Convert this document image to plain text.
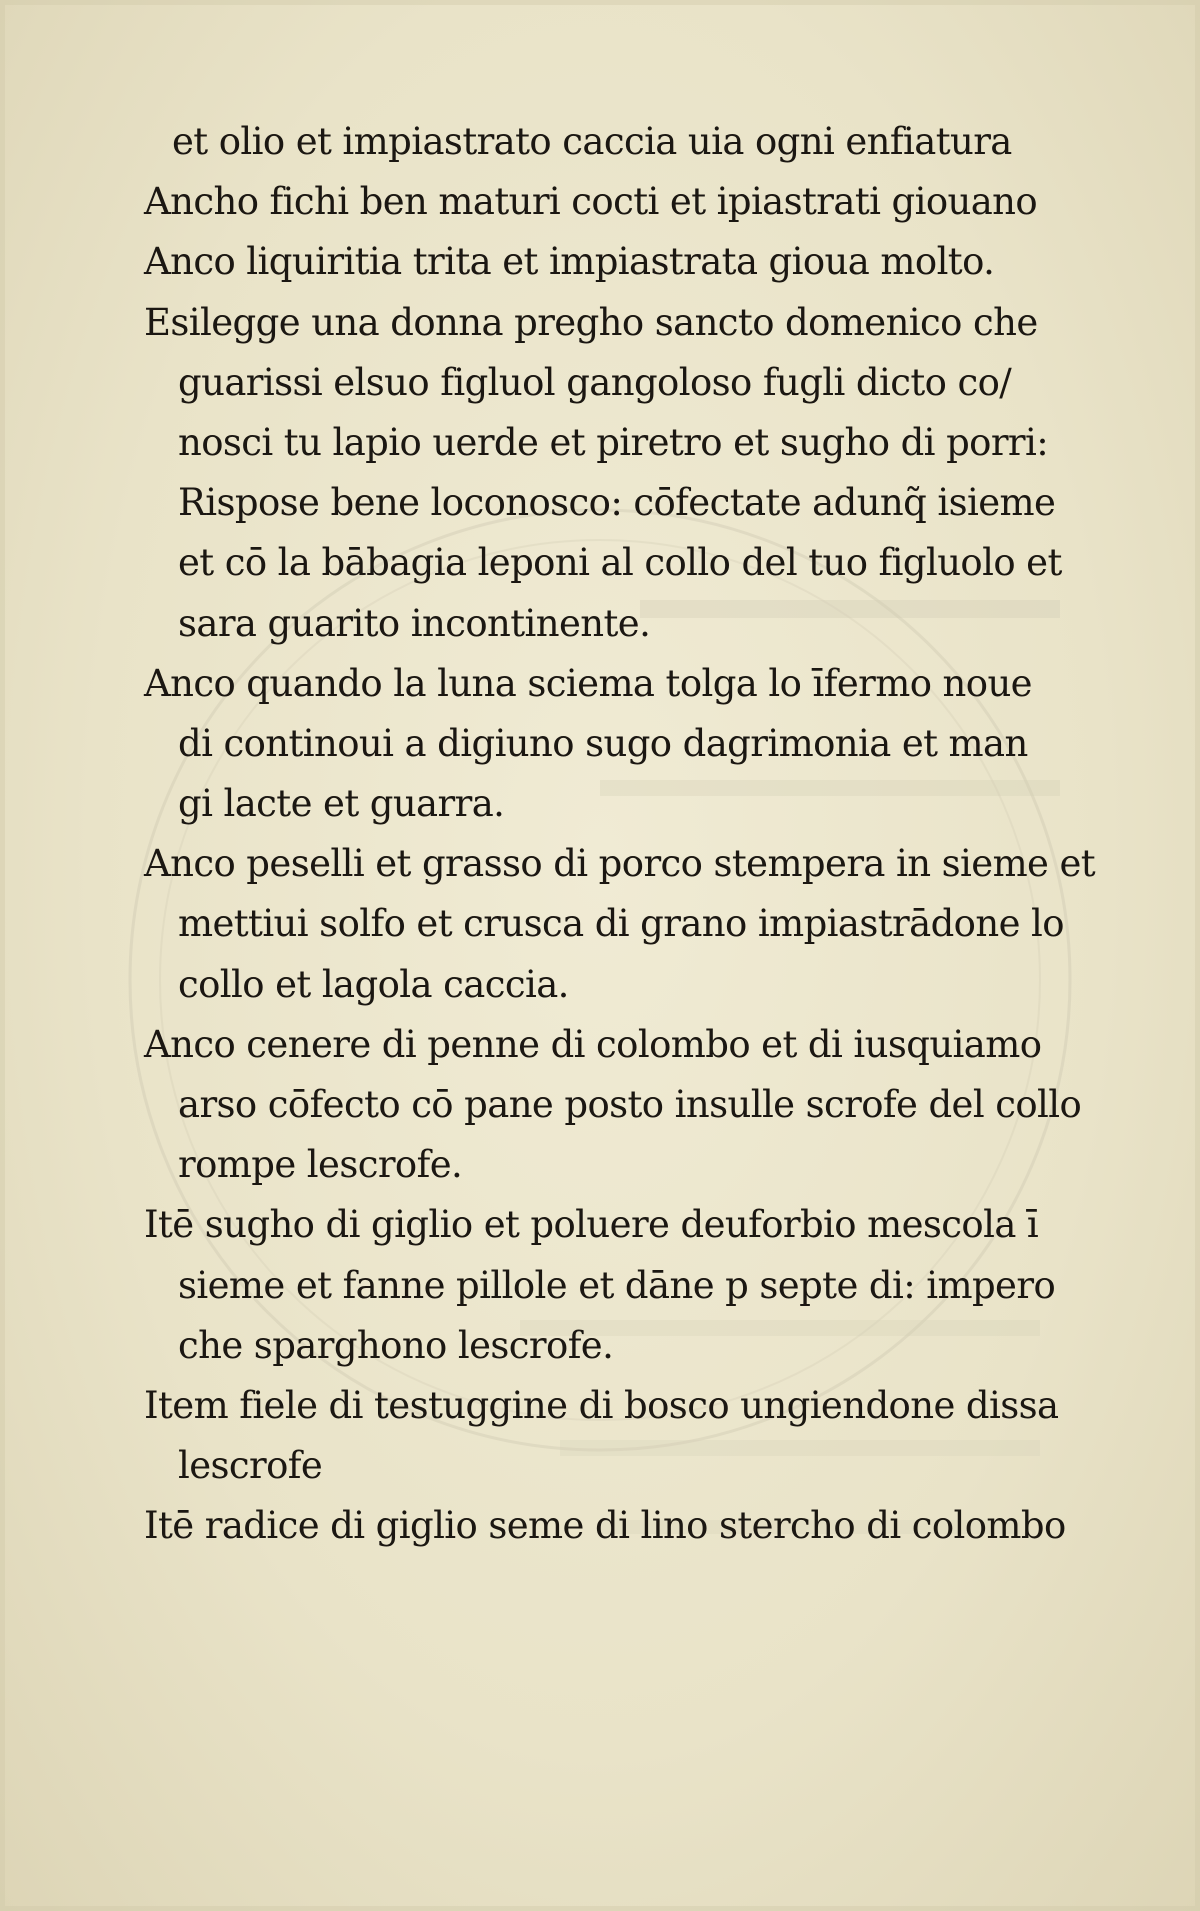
et olio et impiastrato caccia uia ogni enfiatura
Ancho fichi ben maturi cocti et ipiastrati giouano
Anco liquiritia trita et impiastrata gioua molto.
Esilegge una donna pregho sancto domenico che
guarissi elsuo figluol gangoloso fugli dicto co/
nosci tu lapio uerde et piretro et sugho di porri:
Rispose bene loconosco: cōfectate adunq̃ isieme
et cō la bābagia leponi al collo del tuo figluolo et
sara guarito incontinente.
Anco quando la luna sciema tolga lo īfermo noue
di continoui a digiuno sugo dagrimonia et man
gi lacte et guarra.
Anco peselli et grasso di porco stempera in sieme et
mettiui solfo et crusca di grano impiastrādone lo
collo et lagola caccia.
Anco cenere di penne di colombo et di iusquiamo
arso cōfecto cō pane posto insulle scrofe del collo
rompe lescrofe.
Itē sugho di giglio et poluere deuforbio mescola ī
sieme et fanne pillole et dāne p septe di: impero
che sparghono lescrofe.
Item fiele di testuggine di bosco ungiendone dissa
lescrofe
Itē radice di giglio seme di lino stercho di colombo
